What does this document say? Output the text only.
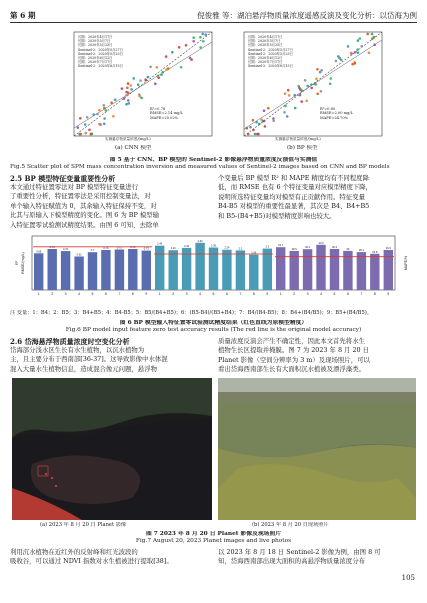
第 6 期	倪俊雅 等：湖泊悬浮物质量浓度遥感反演及变化分析：以岱海为例
长期：2020年4月17日
长期：2020年5月7日
长期：2020年5月25日
Sentinel-2：2020年5月27日
Sentinel-2：2020年5月25日
长期：2020年6月12日
长期：2020年7月17日
Sentinel-2：2020年8月15日
长期：2020年4月17日
长期：2020年5月7日
长期：2020年5月25日
Sentinel-2：2020年5月27日
Sentinel-2：2020年5月25日
长期：2020年6月12日
长期：2020年7月17日
Sentinel-2：2020年8月15日
R²=0.78
RMSE=2.14 mg/L
MAPE=25.02%
R²=0.80
RMSE=2.00 mg/L
MAPE=24.70%
实测悬浮物质量浓度/(mg/L)	实测悬浮物质量浓度/(mg/L)
(a) CNN 模型	(b) BP 模型
图 5 基于 CNN、BP 模型的 Sentinel-2 影像悬浮物质量浓度反演值与实测值
Fig.5 Scatter plot of SPM mass concentration inversion and measured values of Sentinel-2 images based on CNN and BP models
2.5 BP 模型特征变量重要性分析
本文通过特征置零法对 BP 模型特征变量进行
了重要性分析，特征置零法是采用控制变量法，对
单个输入特征赋值为 0，其余输入特征保持不变，对
比其与原输入下模型精度的变化。图 6 为 BP 模型输
入特征置零试验测试精度结果。由图 6 可知，去除单
个变量后 BP 模型 R² 和 MAPE 精度均有不同程度降
低，而 RMSE 也有 6 个特征变量对应模型精度下降，
说明所选特征变量均对模型有正贡献作用。特征变量
B4-B5 对模型的重要性最显著，其次是 B4、B4+B5
和 B5-(B4+B5)对模型精度影响也较大。
0.68
0.76
0.72
0.62
0.7
0.74	0.75	0.76
0.73
2.46
2.21
2.34
2.62
2.36
2.24	2.2
1.96
2.3	31.7
28.9
30.2
33.5
30.4
29	28.1
26.8
29.6
1	2	3	4	5	6	7	8	9	1	2	3	4	5	6	7	8	9	1	2	3	4	5	6	7	8	9
R² RMSE/(mg/L)	MAPE/%
注 变量：1：B4；2：B5；3：B4+B5；4：B4-B5；5：B5/(B4+B5)；6：(B5-B4)/(B5+B4)；7：B4/(B4-B5)；8：B4+(B4/B5)；9：B5+(B4/B5)。
图 6 BP 模型输入特征置零试验测试精度结果（红色直线为原模型精度）
Fig.6 BP model input feature zero test accuracy results (The red line is the original model accuracy)
2.6 岱海悬浮物质量浓度时空变化分析
岱海部分浅水区生长有水生植物，以沉水植物为
主，且主要分布于西南部[36-37]。这导致影像中水体混
混入大量水生植物信息，造成混合像元问题，悬浮物
质量浓度反演会产生不确定性，因此本文首先将水生
植物生长区提取并掩膜。图 7 为 2023 年 8 月 20 日
Planet 影像（空间分辨率为 3 m）及现场照片，可以
看出岱海西南部生长有大面积沉水植被及漂浮藻类。
(a) 2023 年 8 月 20 日 Planet 影像	(b) 2023 年 8 月 20 日现场照片
图 7 2023 年 8 月 20 日 Planet 影像及现场照片
Fig.7 August 20, 2023 Planet images and live photos
利用沉水植物在近红外的反射峰和红光波段的
吸收谷，可以通过 NDVI 指数对水生植被进行提取[38]。
以 2023 年 8 月 18 日 Sentinel-2 影像为例，由图 8 可
知，岱海西南部出现大面积的高悬浮物质量浓度分布
105
